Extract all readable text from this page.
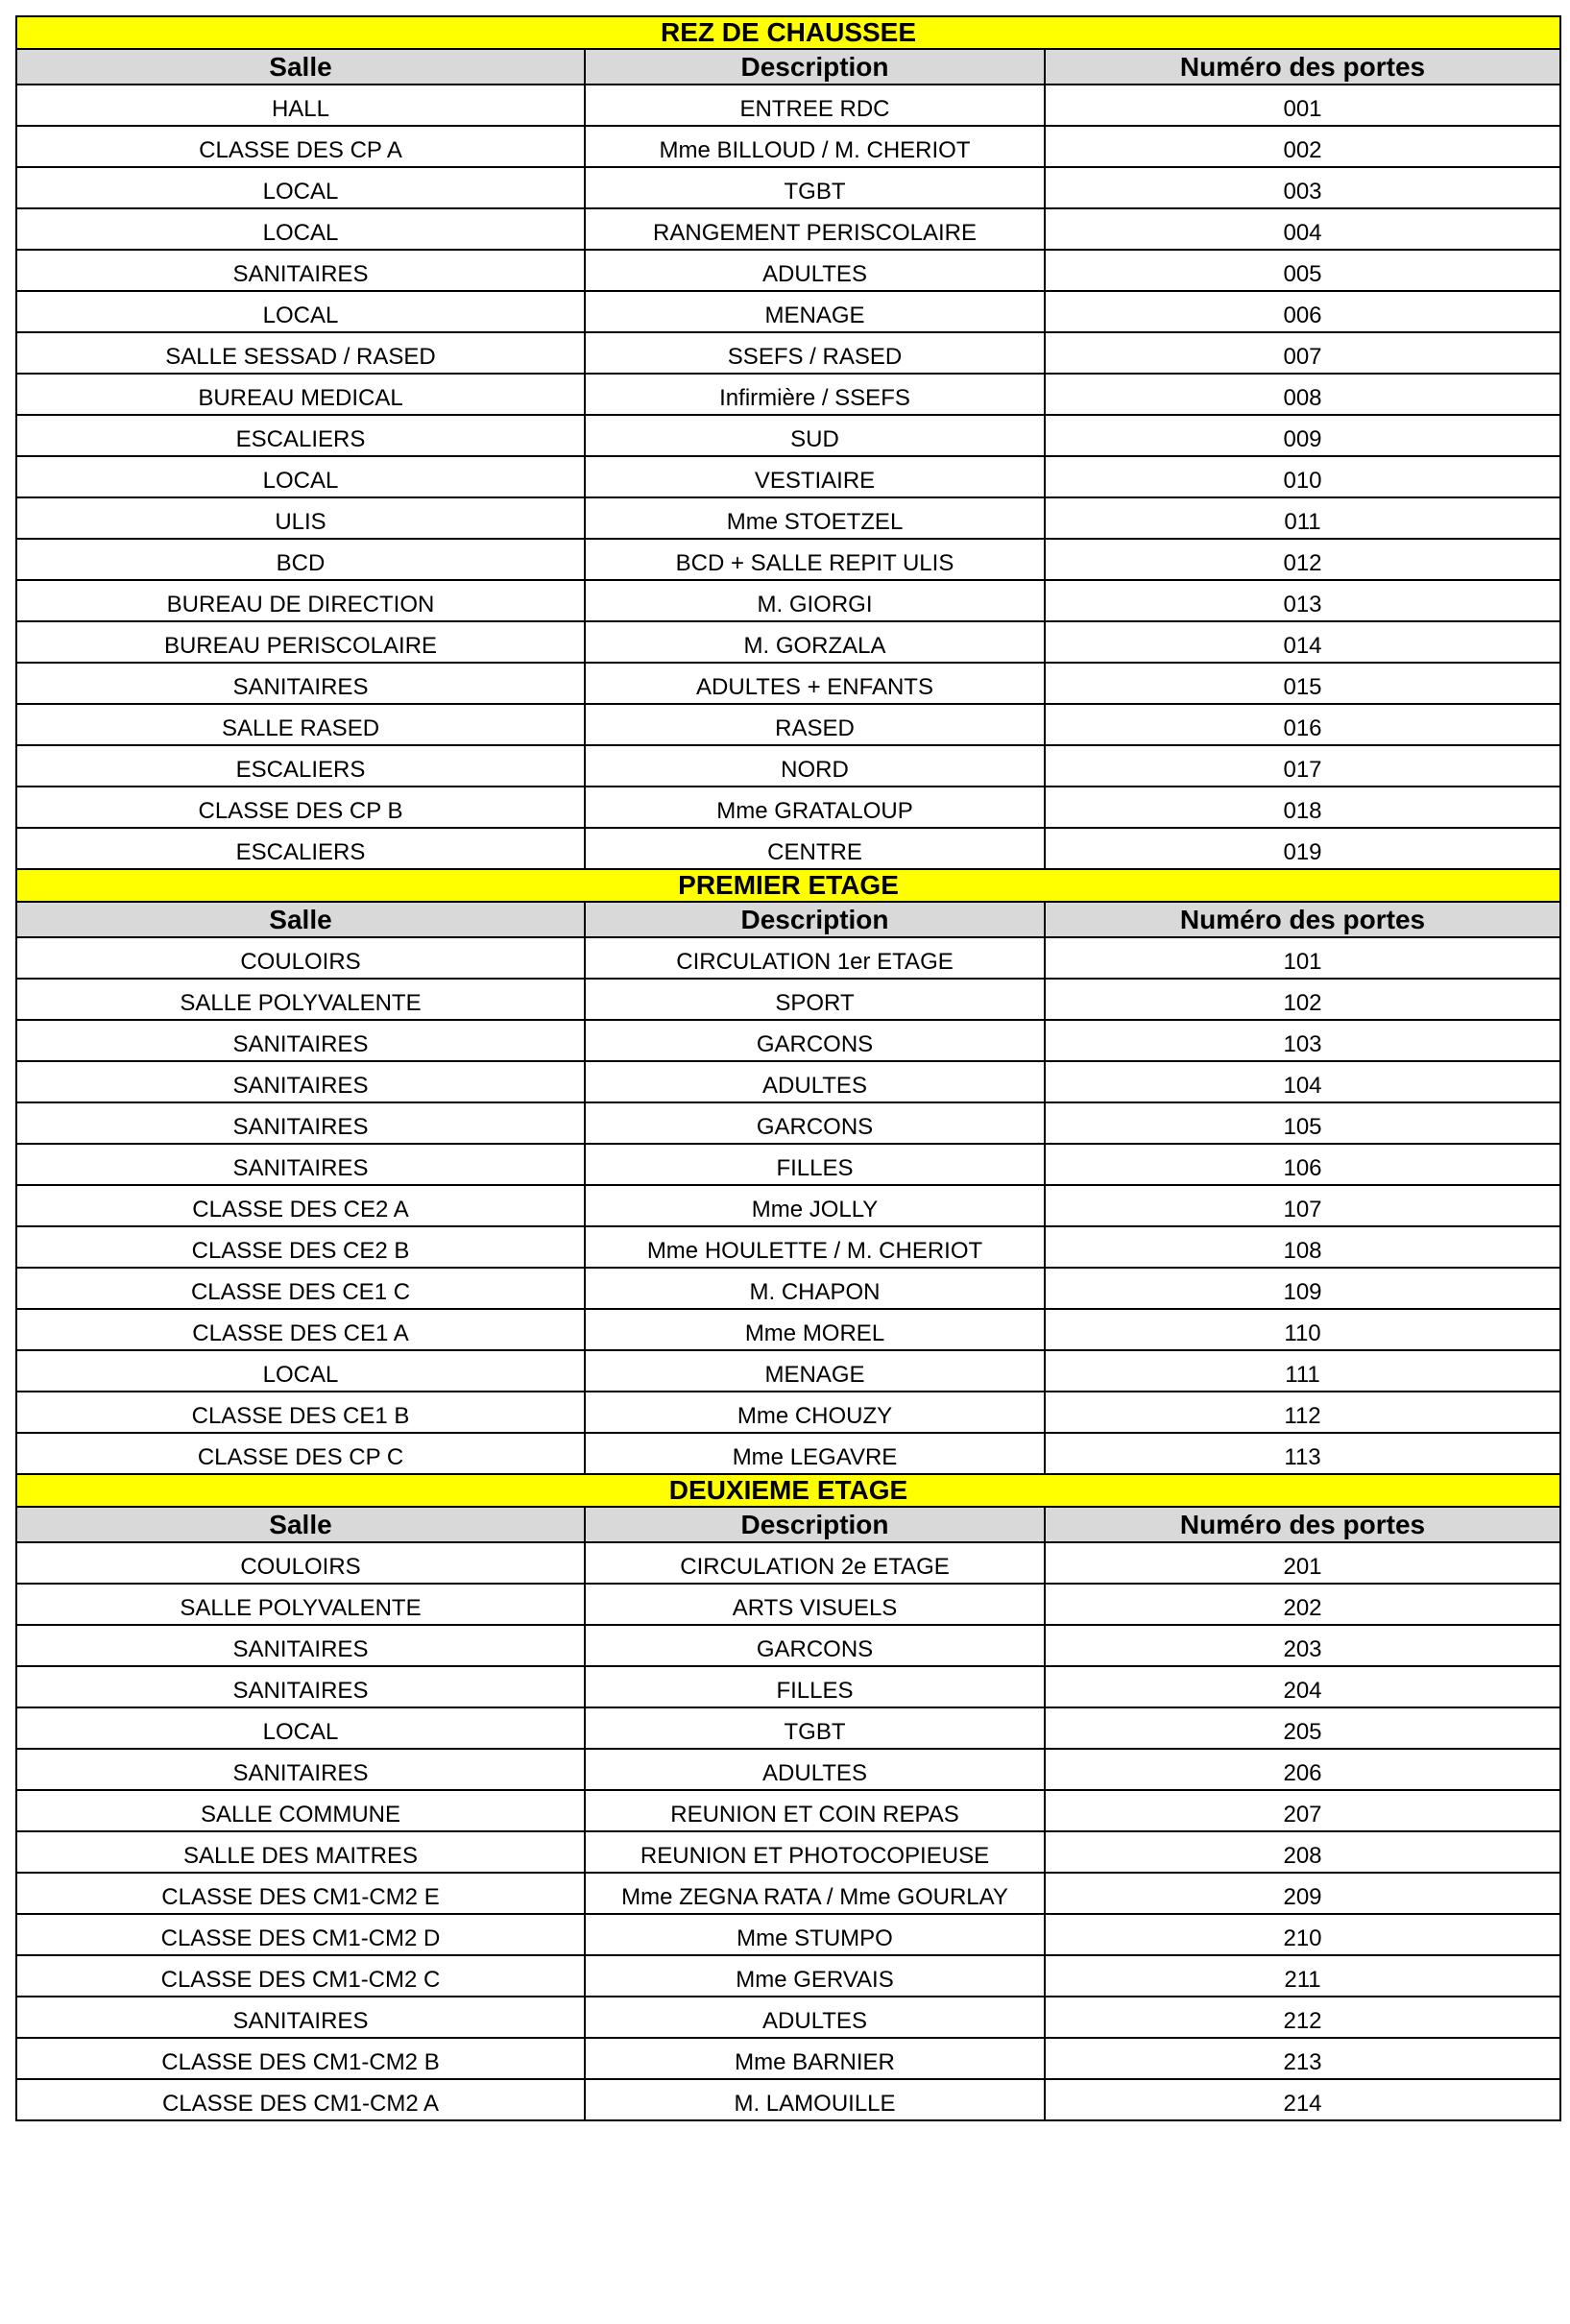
REZ DE CHAUSSEE		
Salle	Description	Numéro des portes
HALL	ENTREE RDC	001
CLASSE DES CP A	Mme BILLOUD / M. CHERIOT	002
LOCAL	TGBT	003
LOCAL	RANGEMENT PERISCOLAIRE	004
SANITAIRES	ADULTES	005
LOCAL	MENAGE	006
SALLE SESSAD / RASED	SSEFS / RASED	007
BUREAU MEDICAL	Infirmière / SSEFS	008
ESCALIERS	SUD	009
LOCAL	VESTIAIRE	010
ULIS	Mme STOETZEL	011
BCD	BCD + SALLE REPIT ULIS	012
BUREAU DE DIRECTION	M. GIORGI	013
BUREAU PERISCOLAIRE	M. GORZALA	014
SANITAIRES	ADULTES + ENFANTS	015
SALLE RASED	RASED	016
ESCALIERS	NORD	017
CLASSE DES CP B	Mme GRATALOUP	018
ESCALIERS	CENTRE	019
PREMIER ETAGE		
Salle	Description	Numéro des portes
COULOIRS	CIRCULATION 1er ETAGE	101
SALLE POLYVALENTE	SPORT	102
SANITAIRES	GARCONS	103
SANITAIRES	ADULTES	104
SANITAIRES	GARCONS	105
SANITAIRES	FILLES	106
CLASSE DES CE2 A	Mme JOLLY	107
CLASSE DES CE2 B	Mme HOULETTE / M. CHERIOT	108
CLASSE DES CE1 C	M. CHAPON	109
CLASSE DES CE1 A	Mme MOREL	110
LOCAL	MENAGE	111
CLASSE DES CE1 B	Mme CHOUZY	112
CLASSE DES CP C	Mme LEGAVRE	113
DEUXIEME ETAGE		
Salle	Description	Numéro des portes
COULOIRS	CIRCULATION 2e ETAGE	201
SALLE POLYVALENTE	ARTS VISUELS	202
SANITAIRES	GARCONS	203
SANITAIRES	FILLES	204
LOCAL	TGBT	205
SANITAIRES	ADULTES	206
SALLE COMMUNE	REUNION ET COIN REPAS	207
SALLE DES MAITRES	REUNION ET PHOTOCOPIEUSE	208
CLASSE DES CM1-CM2 E	Mme ZEGNA RATA / Mme GOURLAY	209
CLASSE DES CM1-CM2 D	Mme STUMPO	210
CLASSE DES CM1-CM2 C	Mme GERVAIS	211
SANITAIRES	ADULTES	212
CLASSE DES CM1-CM2 B	Mme BARNIER	213
CLASSE DES CM1-CM2 A	M. LAMOUILLE	214
